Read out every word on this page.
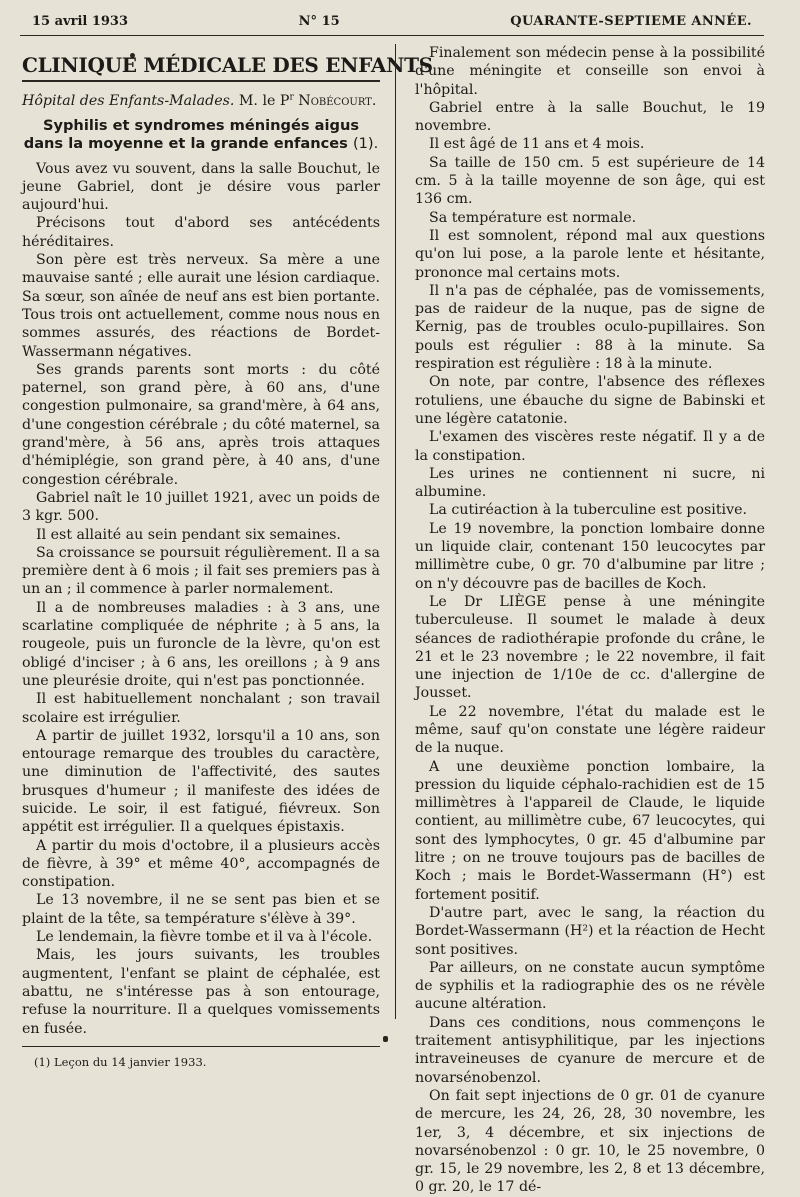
15 avril 1933	N° 15	QUARANTE-SEPTIEME ANNÉE.
CLINIQUE MÉDICALE DES ENFANTS
Hôpital des Enfants-Malades. M. le $P^r$ Nobécourt.
Syphilis et syndromes méningés aigus
dans la moyenne et la grande enfances (1).

Vous avez vu souvent, dans la salle Bouchut, le jeune Gabriel, dont je désire vous parler aujourd'hui.

Précisons tout d'abord ses antécédents héréditaires.

Son père est très nerveux. Sa mère a une mauvaise santé ; elle aurait une lésion cardiaque. Sa sœur, son aînée de neuf ans est bien portante. Tous trois ont actuellement, comme nous nous en sommes assurés, des réactions de Bordet-Wassermann négatives.

Ses grands parents sont morts : du côté paternel, son grand père, à 60 ans, d'une congestion pulmonaire, sa grand'mère, à 64 ans, d'une congestion cérébrale ; du côté maternel, sa grand'mère, à 56 ans, après trois attaques d'hémiplégie, son grand père, à 40 ans, d'une congestion cérébrale.

Gabriel naît le 10 juillet 1921, avec un poids de 3 kgr. 500.

Il est allaité au sein pendant six semaines.

Sa croissance se poursuit régulièrement. Il a sa première dent à 6 mois ; il fait ses premiers pas à un an ; il commence à parler normalement.

Il a de nombreuses maladies : à 3 ans, une scarlatine compliquée de néphrite ; à 5 ans, la rougeole, puis un furoncle de la lèvre, qu'on est obligé d'inciser ; à 6 ans, les oreillons ; à 9 ans une pleurésie droite, qui n'est pas ponctionnée.

Il est habituellement nonchalant ; son travail scolaire est irrégulier.

A partir de juillet 1932, lorsqu'il a 10 ans, son entourage remarque des troubles du caractère, une diminution de l'affectivité, des sautes brusques d'humeur ; il manifeste des idées de suicide. Le soir, il est fatigué, fiévreux. Son appétit est irrégulier. Il a quelques épistaxis.

A partir du mois d'octobre, il a plusieurs accès de fièvre, à 39° et même 40°, accompagnés de constipation.

Le 13 novembre, il ne se sent pas bien et se plaint de la tête, sa température s'élève à 39°.

Le lendemain, la fièvre tombe et il va à l'école.

Mais, les jours suivants, les troubles augmentent, l'enfant se plaint de céphalée, est abattu, ne s'intéresse pas à son entourage, refuse la nourriture. Il a quelques vomissements en fusée.

(1) Leçon du 14 janvier 1933.

Finalement son médecin pense à la possibilité d'une méningite et conseille son envoi à l'hôpital.

Gabriel entre à la salle Bouchut, le 19 novembre.

Il est âgé de 11 ans et 4 mois.

Sa taille de 150 cm. 5 est supérieure de 14 cm. 5 à la taille moyenne de son âge, qui est 136 cm.

Sa température est normale.

Il est somnolent, répond mal aux questions qu'on lui pose, a la parole lente et hésitante, prononce mal certains mots.

Il n'a pas de céphalée, pas de vomissements, pas de raideur de la nuque, pas de signe de Kernig, pas de troubles oculo-pupillaires. Son pouls est régulier : 88 à la minute. Sa respiration est régulière : 18 à la minute.

On note, par contre, l'absence des réflexes rotuliens, une ébauche du signe de Babinski et une légère catatonie.

L'examen des viscères reste négatif. Il y a de la constipation.

Les urines ne contiennent ni sucre, ni albumine.

La cutiréaction à la tuberculine est positive.

Le 19 novembre, la ponction lombaire donne un liquide clair, contenant 150 leucocytes par millimètre cube, 0 gr. 70 d'albumine par litre ; on n'y découvre pas de bacilles de Koch.

Le Dr LIÈGE pense à une méningite tuberculeuse. Il soumet le malade à deux séances de radiothérapie profonde du crâne, le 21 et le 23 novembre ; le 22 novembre, il fait une injection de 1/10e de cc. d'allergine de Jousset.

Le 22 novembre, l'état du malade est le même, sauf qu'on constate une légère raideur de la nuque.

A une deuxième ponction lombaire, la pression du liquide céphalo-rachidien est de 15 millimètres à l'appareil de Claude, le liquide contient, au millimètre cube, 67 leucocytes, qui sont des lymphocytes, 0 gr. 45 d'albumine par litre ; on ne trouve toujours pas de bacilles de Koch ; mais le Bordet-Wassermann (H°) est fortement positif.

D'autre part, avec le sang, la réaction du Bordet-Wassermann (H²) et la réaction de Hecht sont positives.

Par ailleurs, on ne constate aucun symptôme de syphilis et la radiographie des os ne révèle aucune altération.

Dans ces conditions, nous commençons le traitement antisyphilitique, par les injections intraveineuses de cyanure de mercure et de novarsénobenzol.

On fait sept injections de 0 gr. 01 de cyanure de mercure, les 24, 26, 28, 30 novembre, les 1er, 3, 4 décembre, et six injections de novarsénobenzol : 0 gr. 10, le 25 novembre, 0 gr. 15, le 29 novembre, les 2, 8 et 13 décembre, 0 gr. 20, le 17 dé-
